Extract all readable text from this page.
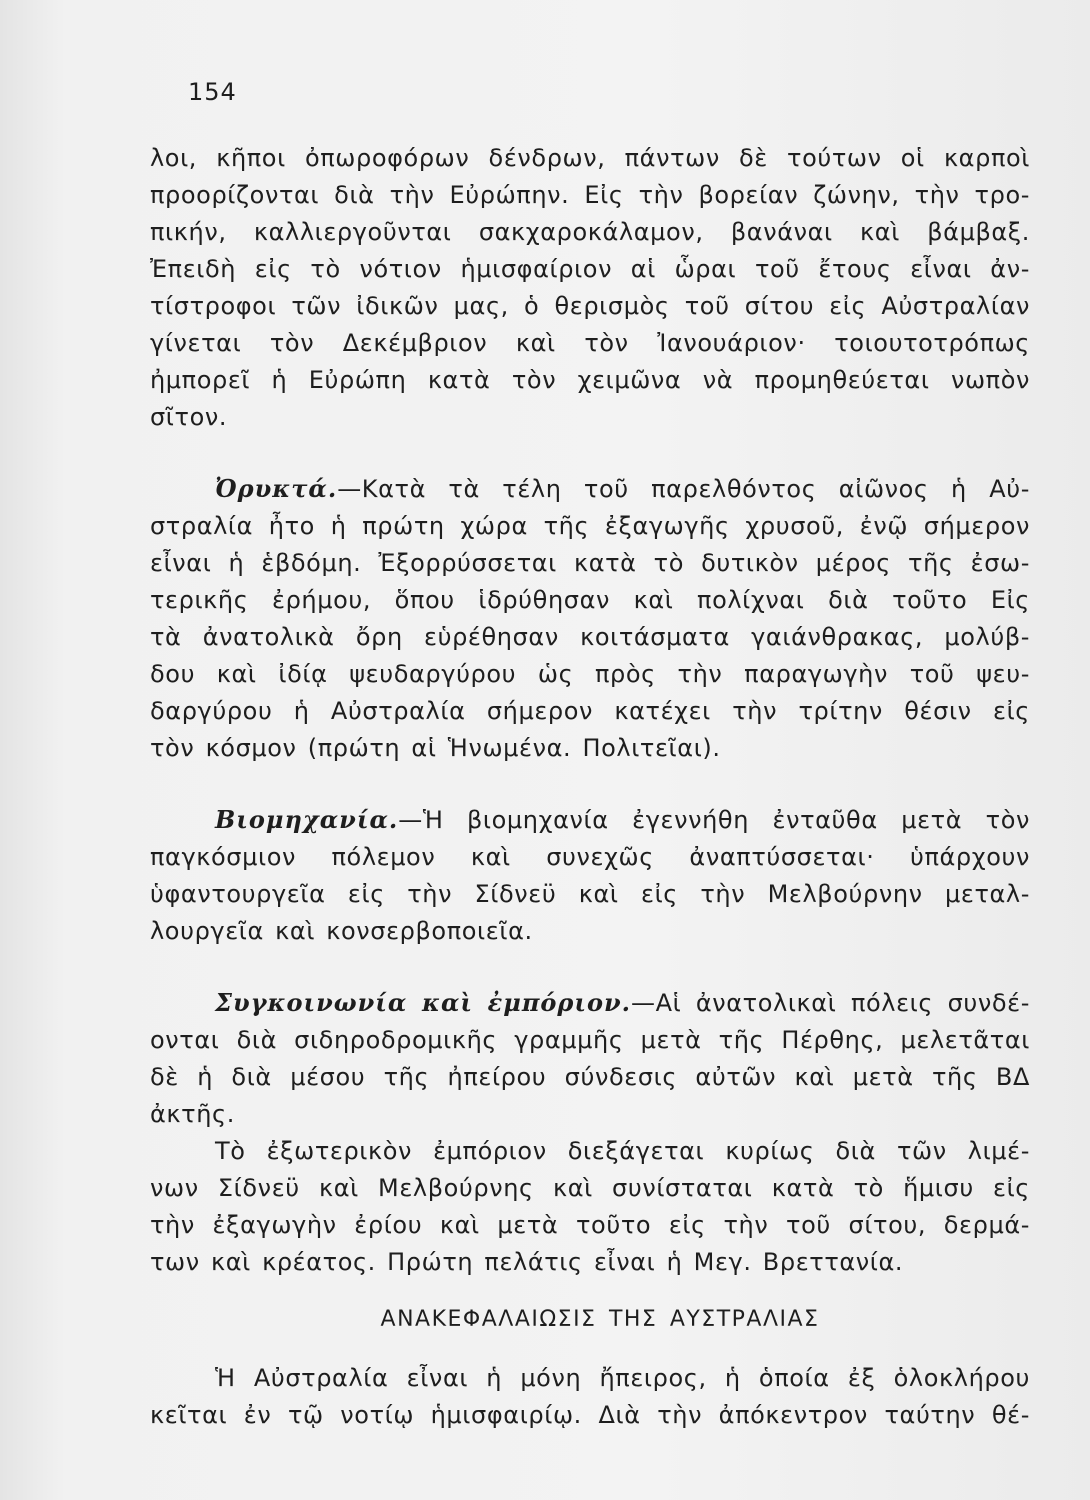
154
λοι, κῆποι ὀπωροφόρων δένδρων, πάντων δὲ τούτων οἱ καρποὶ
προορίζονται διὰ τὴν Εὐρώπην. Εἰς τὴν βορείαν ζώνην, τὴν τρο-
πικήν, καλλιεργοῦνται σακχαροκάλαμον, βανάναι καὶ βάμβαξ.
Ἐπειδὴ εἰς τὸ νότιον ἡμισφαίριον αἱ ὧραι τοῦ ἔτους εἶναι ἀν-
τίστροφοι τῶν ἰδικῶν μας, ὁ θερισμὸς τοῦ σίτου εἰς Αὐστραλίαν
γίνεται τὸν Δεκέμβριον καὶ τὸν Ἰανουάριον· τοιουτοτρόπως
ἠμπορεῖ ἡ Εὐρώπη κατὰ τὸν χειμῶνα νὰ προμηθεύεται νωπὸν
σῖτον.
Ὀρυκτά.—Κατὰ τὰ τέλη τοῦ παρελθόντος αἰῶνος ἡ Αὐ-
στραλία ἦτο ἡ πρώτη χώρα τῆς ἐξαγωγῆς χρυσοῦ, ἐνῷ σήμερον
εἶναι ἡ ἑβδόμη. Ἐξορρύσσεται κατὰ τὸ δυτικὸν μέρος τῆς ἐσω-
τερικῆς ἐρήμου, ὅπου ἱδρύθησαν καὶ πολίχναι διὰ τοῦτο Εἰς
τὰ ἀνατολικὰ ὄρη εὑρέθησαν κοιτάσματα γαιάνθρακας, μολύβ-
δου καὶ ἰδίᾳ ψευδαργύρου ὡς πρὸς τὴν παραγωγὴν τοῦ ψευ-
δαργύρου ἡ Αὐστραλία σήμερον κατέχει τὴν τρίτην θέσιν εἰς
τὸν κόσμον (πρώτη αἱ Ἡνωμένα. Πολιτεῖαι).
Βιομηχανία.—Ἡ βιομηχανία ἐγεννήθη ἐνταῦθα μετὰ τὸν
παγκόσμιον πόλεμον καὶ συνεχῶς ἀναπτύσσεται· ὑπάρχουν
ὑφαντουργεῖα εἰς τὴν Σίδνεϋ καὶ εἰς τὴν Μελβούρνην μεταλ-
λουργεῖα καὶ κονσερβοποιεῖα.
Συγκοινωνία καὶ ἐμπόριον.—Αἱ ἀνατολικαὶ πόλεις συνδέ-
ονται διὰ σιδηροδρομικῆς γραμμῆς μετὰ τῆς Πέρθης, μελετᾶται
δὲ ἡ διὰ μέσου τῆς ἠπείρου σύνδεσις αὐτῶν καὶ μετὰ τῆς ΒΔ
ἀκτῆς.
Τὸ ἐξωτερικὸν ἐμπόριον διεξάγεται κυρίως διὰ τῶν λιμέ-
νων Σίδνεϋ καὶ Μελβούρνης καὶ συνίσταται κατὰ τὸ ἥμισυ εἰς
τὴν ἐξαγωγὴν ἐρίου καὶ μετὰ τοῦτο εἰς τὴν τοῦ σίτου, δερμά-
των καὶ κρέατος. Πρώτη πελάτις εἶναι ἡ Μεγ. Βρεττανία.
ΑΝΑΚΕΦΑΛΑΙΩΣΙΣ ΤΗΣ ΑΥΣΤΡΑΛΙΑΣ
Ἡ Αὐστραλία εἶναι ἡ μόνη ἤπειρος, ἡ ὁποία ἐξ ὁλοκλήρου
κεῖται ἐν τῷ νοτίῳ ἡμισφαιρίῳ. Διὰ τὴν ἀπόκεντρον ταύτην θέ-
